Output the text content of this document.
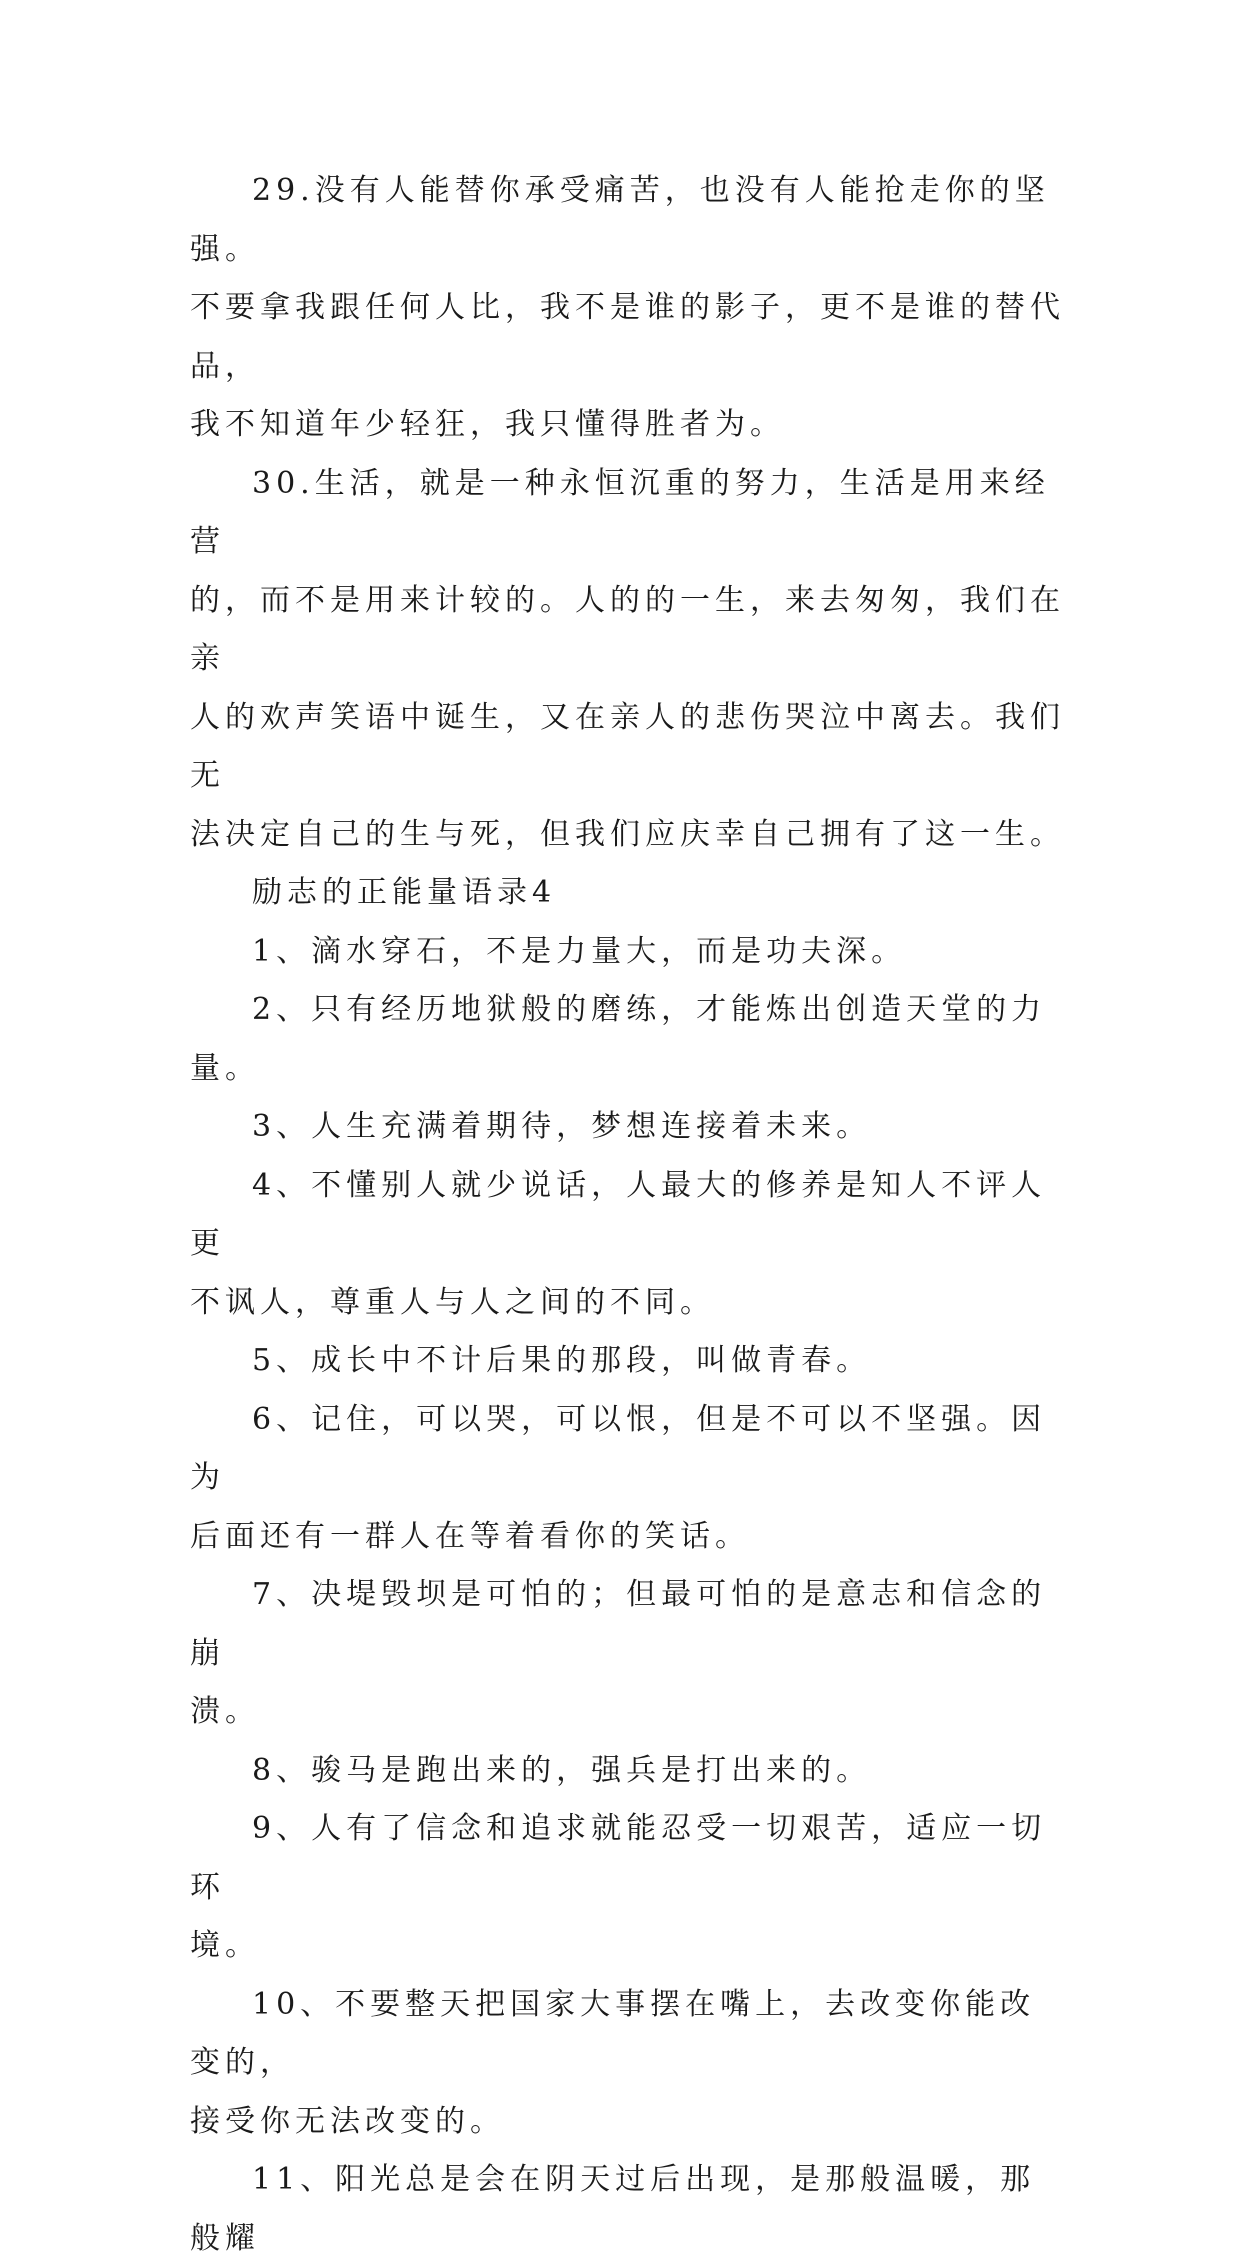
29.没有人能替你承受痛苦，也没有人能抢走你的坚强。
不要拿我跟任何人比，我不是谁的影子，更不是谁的替代品，
我不知道年少轻狂，我只懂得胜者为。

30.生活，就是一种永恒沉重的努力，生活是用来经营
的，而不是用来计较的。人的的一生，来去匆匆，我们在亲
人的欢声笑语中诞生，又在亲人的悲伤哭泣中离去。我们无
法决定自己的生与死，但我们应庆幸自己拥有了这一生。

励志的正能量语录4

1、滴水穿石，不是力量大，而是功夫深。

2、只有经历地狱般的磨练，才能炼出创造天堂的力量。

3、人生充满着期待，梦想连接着未来。

4、不懂别人就少说话，人最大的修养是知人不评人更
不讽人，尊重人与人之间的不同。

5、成长中不计后果的那段，叫做青春。

6、记住，可以哭，可以恨，但是不可以不坚强。因为
后面还有一群人在等着看你的笑话。

7、决堤毁坝是可怕的；但最可怕的是意志和信念的崩
溃。

8、骏马是跑出来的，强兵是打出来的。

9、人有了信念和追求就能忍受一切艰苦，适应一切环
境。

10、不要整天把国家大事摆在嘴上，去改变你能改变的，
接受你无法改变的。

11、阳光总是会在阴天过后出现，是那般温暖，那般耀
